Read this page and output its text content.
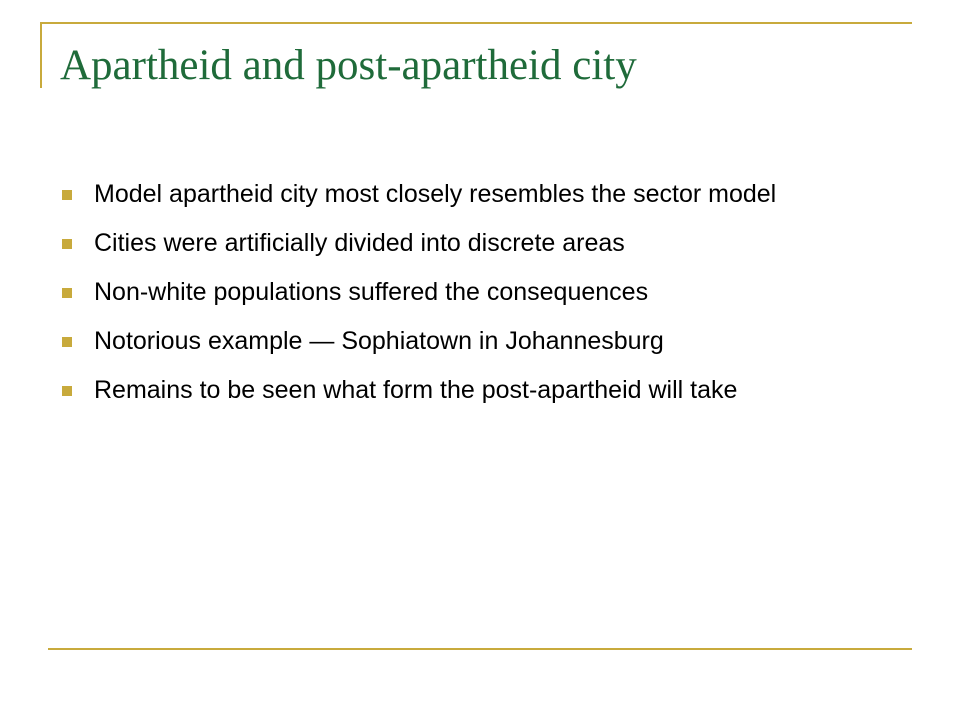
Apartheid and post-apartheid city
Model apartheid city most closely resembles the sector model
Cities were artificially divided into discrete areas
Non-white populations suffered the consequences
Notorious example — Sophiatown in Johannesburg
Remains to be seen what form the post-apartheid will take
